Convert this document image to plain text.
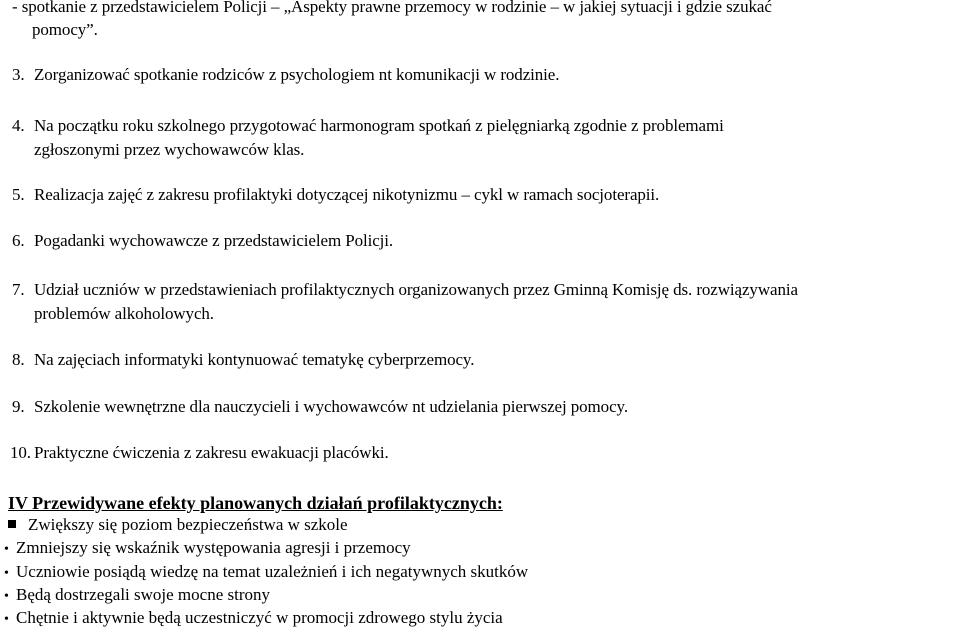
- spotkanie z przedstawicielem Policji – „Aspekty prawne przemocy w rodzinie – w jakiej sytuacji i gdzie szukać
pomocy”.
3. Zorganizować spotkanie rodziców z psychologiem nt komunikacji w rodzinie.
4. Na początku roku szkolnego przygotować harmonogram spotkań z pielęgniarką zgodnie z problemami
zgłoszonymi przez wychowawców klas.
5. Realizacja zajęć z zakresu profilaktyki dotyczącej nikotynizmu – cykl w ramach socjoterapii.
6. Pogadanki wychowawcze z przedstawicielem Policji.
7. Udział uczniów w przedstawieniach profilaktycznych organizowanych przez Gminną Komisję ds. rozwiązywania
problemów alkoholowych.
8. Na zajęciach informatyki kontynuować tematykę cyberprzemocy.
9. Szkolenie wewnętrzne dla nauczycieli i wychowawców nt udzielania pierwszej pomocy.
10. Praktyczne ćwiczenia z zakresu ewakuacji placówki.
IV Przewidywane efekty planowanych działań profilaktycznych:
Zwiększy się poziom bezpieczeństwa w szkole
• Zmniejszy się wskaźnik występowania agresji i przemocy
• Uczniowie posiądą wiedzę na temat uzależnień i ich negatywnych skutków
• Będą dostrzegali swoje mocne strony
• Chętnie i aktywnie będą uczestniczyć w promocji zdrowego stylu życia
